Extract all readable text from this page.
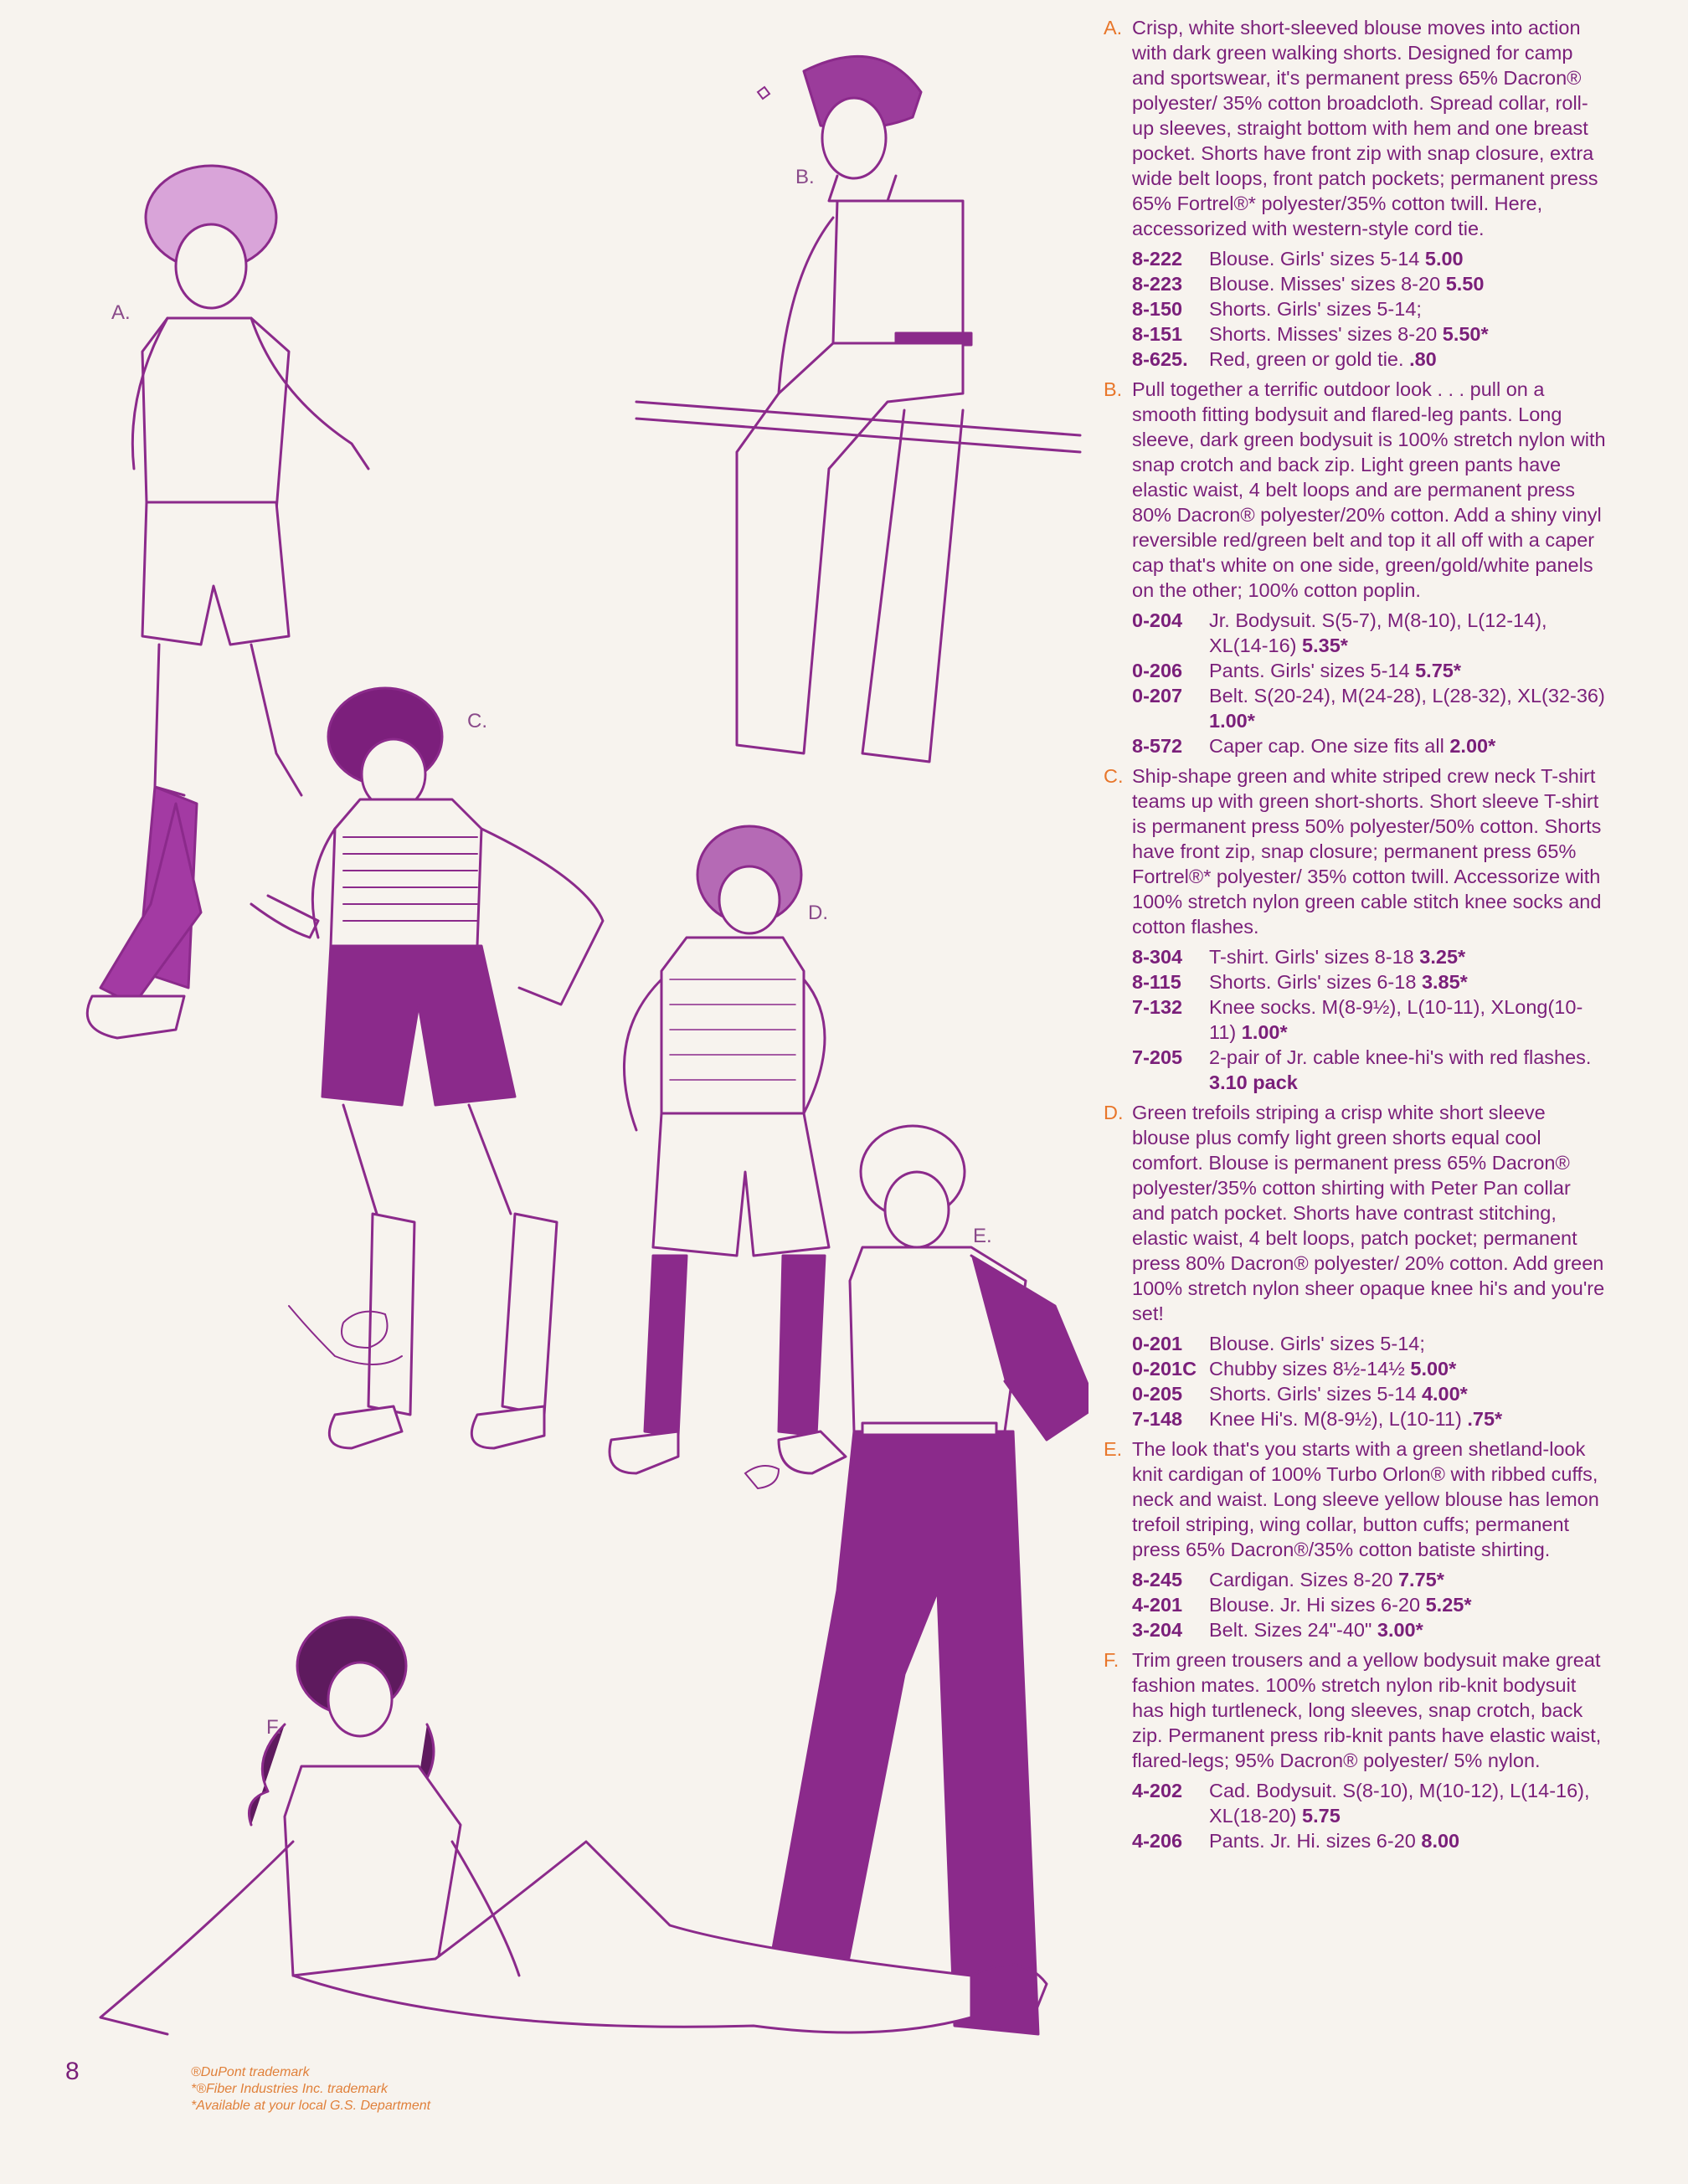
A.
B.
C.
D.
E.
F.
A. Crisp, white short-sleeved blouse moves into action with dark green walking shorts. Designed for camp and sportswear, it's permanent press 65% Dacron® polyester/ 35% cotton broadcloth. Spread collar, roll-up sleeves, straight bottom with hem and one breast pocket. Shorts have front zip with snap closure, extra wide belt loops, front patch pockets; permanent press 65% Fortrel®* polyester/35% cotton twill. Here, accessorized with western-style cord tie.

8-222	Blouse. Girls' sizes 5-14 5.00
8-223	Blouse. Misses' sizes 8-20 5.50
8-150	Shorts. Girls' sizes 5-14;
8-151	Shorts. Misses' sizes 8-20 5.50*
8-625.	Red, green or gold tie. .80
B. Pull together a terrific outdoor look . . . pull on a smooth fitting bodysuit and flared-leg pants. Long sleeve, dark green bodysuit is 100% stretch nylon with snap crotch and back zip. Light green pants have elastic waist, 4 belt loops and are permanent press 80% Dacron® polyester/20% cotton. Add a shiny vinyl reversible red/green belt and top it all off with a caper cap that's white on one side, green/gold/white panels on the other; 100% cotton poplin.

0-204	Jr. Bodysuit. S(5-7), M(8-10), L(12-14), XL(14-16) 5.35*
0-206	Pants. Girls' sizes 5-14 5.75*
0-207	Belt. S(20-24), M(24-28), L(28-32), XL(32-36) 1.00*
8-572	Caper cap. One size fits all 2.00*
C. Ship-shape green and white striped crew neck T-shirt teams up with green short-shorts. Short sleeve T-shirt is permanent press 50% polyester/50% cotton. Shorts have front zip, snap closure; permanent press 65% Fortrel®* polyester/ 35% cotton twill. Accessorize with 100% stretch nylon green cable stitch knee socks and cotton flashes.

8-304	T-shirt. Girls' sizes 8-18 3.25*
8-115	Shorts. Girls' sizes 6-18 3.85*
7-132	Knee socks. M(8-9½), L(10-11), XLong(10-11) 1.00*
7-205	2-pair of Jr. cable knee-hi's with red flashes. 3.10 pack
D. Green trefoils striping a crisp white short sleeve blouse plus comfy light green shorts equal cool comfort. Blouse is permanent press 65% Dacron® polyester/35% cotton shirting with Peter Pan collar and patch pocket. Shorts have contrast stitching, elastic waist, 4 belt loops, patch pocket; permanent press 80% Dacron® polyester/ 20% cotton. Add green 100% stretch nylon sheer opaque knee hi's and you're set!

0-201	Blouse. Girls' sizes 5-14;
0-201C Chubby sizes 8½-14½ 5.00*
0-205	Shorts. Girls' sizes 5-14 4.00*
7-148	Knee Hi's. M(8-9½), L(10-11) .75*
E. The look that's you starts with a green shetland-look knit cardigan of 100% Turbo Orlon® with ribbed cuffs, neck and waist. Long sleeve yellow blouse has lemon trefoil striping, wing collar, button cuffs; permanent press 65% Dacron®/35% cotton batiste shirting.

8-245	Cardigan. Sizes 8-20 7.75*
4-201	Blouse. Jr. Hi sizes 6-20 5.25*
3-204	Belt. Sizes 24"-40" 3.00*
F. Trim green trousers and a yellow bodysuit make great fashion mates. 100% stretch nylon rib-knit bodysuit has high turtleneck, long sleeves, snap crotch, back zip. Permanent press rib-knit pants have elastic waist, flared-legs; 95% Dacron® polyester/ 5% nylon.

4-202	Cad. Bodysuit. S(8-10), M(10-12), L(14-16), XL(18-20) 5.75
4-206	Pants. Jr. Hi. sizes 6-20 8.00
8	®DuPont trademark
*®Fiber Industries Inc. trademark
*Available at your local G.S. Department
